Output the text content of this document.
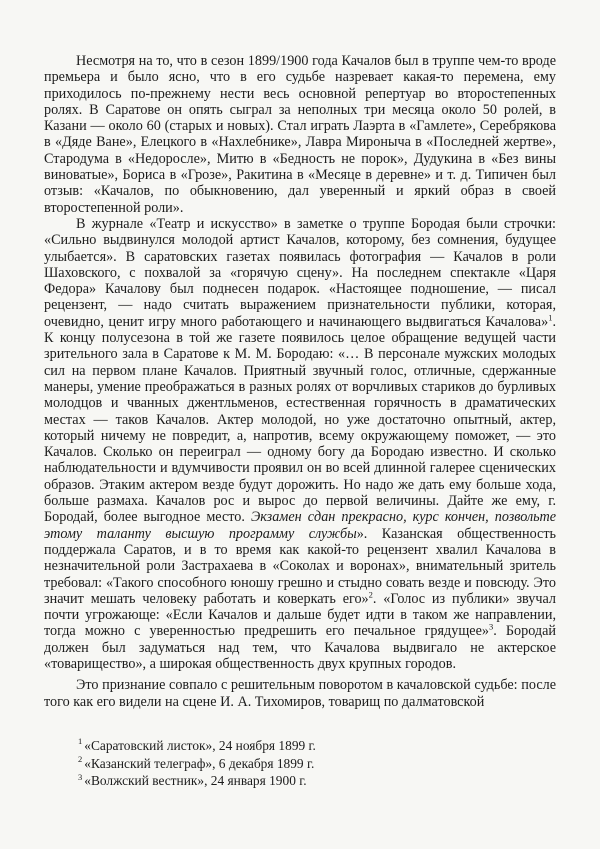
Несмотря на то, что в сезон 1899/1900 года Качалов был в труппе чем-то вроде премьера и было ясно, что в его судьбе назревает какая-то перемена, ему приходилось по-прежнему нести весь основной репертуар во второстепенных ролях. В Саратове он опять сыграл за неполных три месяца около 50 ролей, в Казани — около 60 (старых и новых). Стал играть Лаэрта в «Гамлете», Серебрякова в «Дяде Ване», Елецкого в «Нахлебнике», Лавра Мироныча в «Последней жертве», Стародума в «Недоросле», Митю в «Бедность не порок», Дудукина в «Без вины виноватые», Бориса в «Грозе», Ракитина в «Месяце в деревне» и т. д. Типичен был отзыв: «Качалов, по обыкновению, дал уверенный и яркий образ в своей второстепенной роли».

В журнале «Театр и искусство» в заметке о труппе Бородая были строчки: «Сильно выдвинулся молодой артист Качалов, которому, без сомнения, будущее улыбается». В саратовских газетах появилась фотография — Качалов в роли Шаховского, с похвалой за «горячую сцену». На последнем спектакле «Царя Федора» Качалову был поднесен подарок. «Настоящее подношение, — писал рецензент, — надо считать выражением признательности публики, которая, очевидно, ценит игру много работающего и начинающего выдвигаться Качалова»$^1$. К концу полусезона в той же газете появилось целое обращение ведущей части зрительного зала в Саратове к М. М. Бородаю: «… В персонале мужских молодых сил на первом плане Качалов. Приятный звучный голос, отличные, сдержанные манеры, умение преображаться в разных ролях от ворчливых стариков до бурливых молодцов и чванных джентльменов, естественная горячность в драматических местах — таков Качалов. Актер молодой, но уже достаточно опытный, актер, который ничему не повредит, а, напротив, всему окружающему поможет, — это Качалов. Сколько он переиграл — одному богу да Бородаю известно. И сколько наблюдательности и вдумчивости проявил он во всей длинной галерее сценических образов. Этаким актером везде будут дорожить. Но надо же дать ему больше хода, больше размаха. Качалов рос и вырос до первой величины. Дайте же ему, г. Бородай, более выгодное место. Экзамен сдан прекрасно, курс кончен, позвольте этому таланту высшую программу службы». Казанская общественность поддержала Саратов, и в то время как какой-то рецензент хвалил Качалова в незначительной роли Застрахаева в «Соколах и воронах», внимательный зритель требовал: «Такого способного юношу грешно и стыдно совать везде и повсюду. Это значит мешать человеку работать и коверкать его»$^2$. «Голос из публики» звучал почти угрожающе: «Если Качалов и дальше будет идти в таком же направлении, тогда можно с уверенностью предрешить его печальное грядущее»$^3$. Бородай должен был задуматься над тем, что Качалова выдвигало не актерское «товарищество», а широкая общественность двух крупных городов.

Это признание совпало с решительным поворотом в качаловской судьбе: после того как его видели на сцене И. А. Тихомиров, товарищ по далматовской

$^1$ «Саратовский листок», 24 ноября 1899 г.

$^2$ «Казанский телеграф», 6 декабря 1899 г.

$^3$ «Волжский вестник», 24 января 1900 г.
